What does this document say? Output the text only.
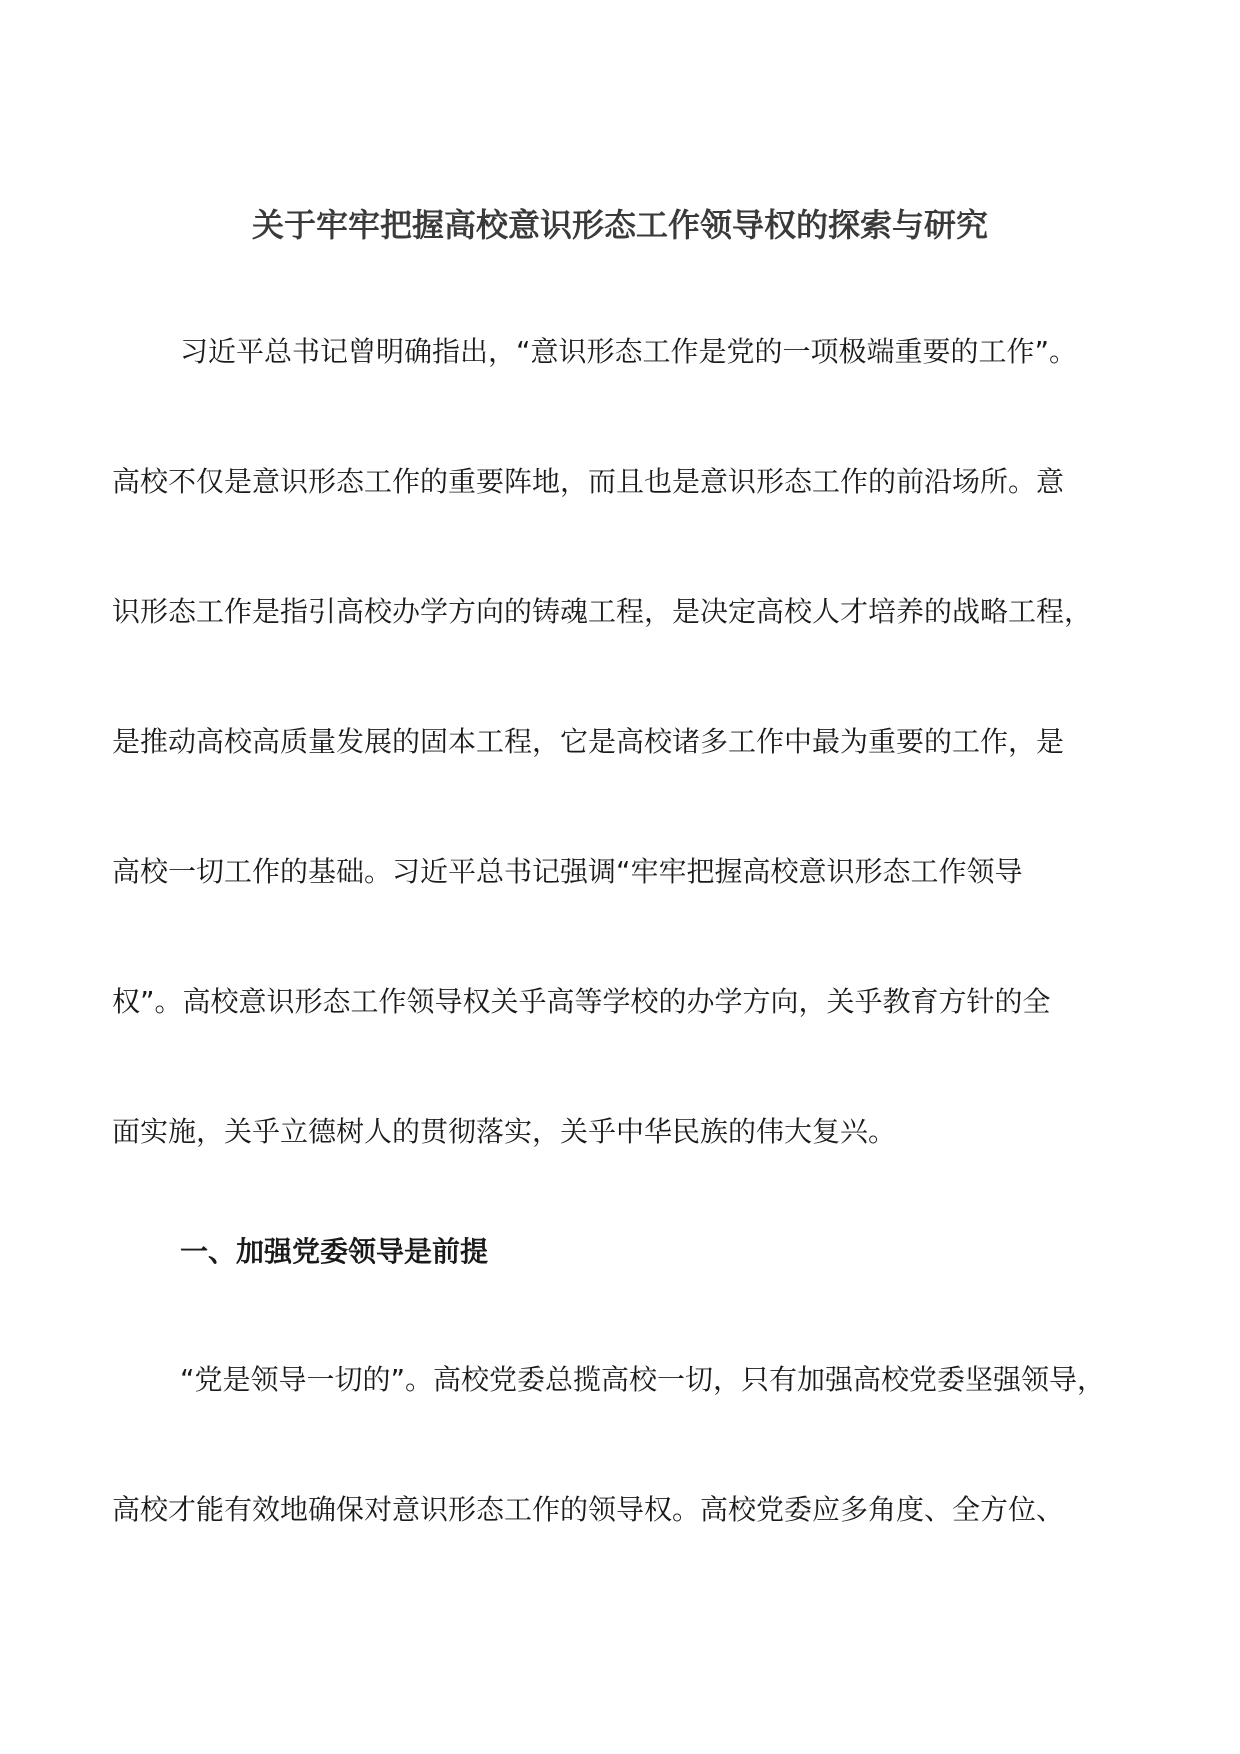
关于牢牢把握高校意识形态工作领导权的探索与研究

习近平总书记曾明确指出，“意识形态工作是党的一项极端重要的工作”。

高校不仅是意识形态工作的重要阵地，而且也是意识形态工作的前沿场所。意

识形态工作是指引高校办学方向的铸魂工程，是决定高校人才培养的战略工程，

是推动高校高质量发展的固本工程，它是高校诸多工作中最为重要的工作，是

高校一切工作的基础。习近平总书记强调“牢牢把握高校意识形态工作领导

权”。高校意识形态工作领导权关乎高等学校的办学方向，关乎教育方针的全

面实施，关乎立德树人的贯彻落实，关乎中华民族的伟大复兴。

一、加强党委领导是前提

“党是领导一切的”。高校党委总揽高校一切，只有加强高校党委坚强领导，

高校才能有效地确保对意识形态工作的领导权。高校党委应多角度、全方位、
